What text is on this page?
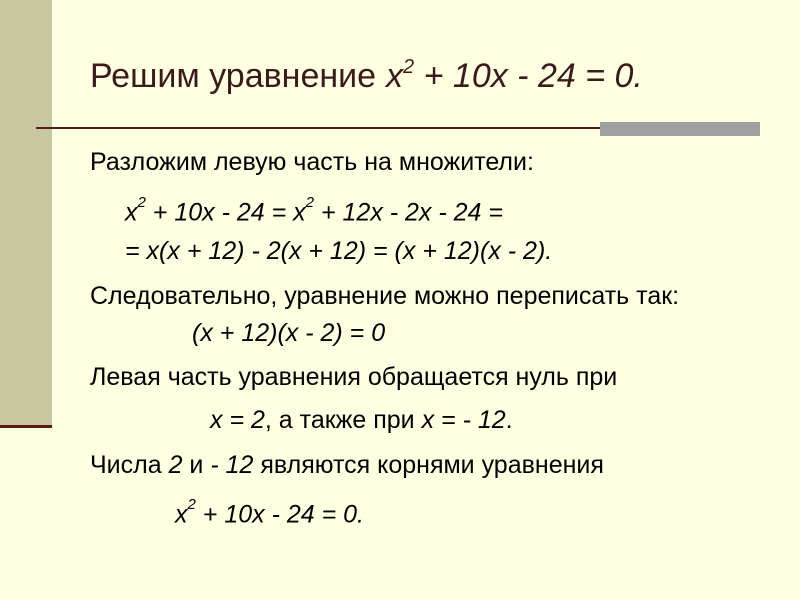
Решим уравнение $x^2 + 10x - 24 = 0$.
Разложим левую часть на множители:
$x^2 + 10x - 24 = x^2 + 12x - 2x - 24$ =
= x(x + 12) - 2(x + 12) = (x + 12)(x - 2).
Следовательно, уравнение можно переписать так:
(x + 12)(x - 2) = 0
Левая часть уравнения обращается нуль при
x = 2, а также при x = - 12.
Числа 2 и - 12 являются корнями уравнения
$x^2 + 10x - 24 = 0$.
